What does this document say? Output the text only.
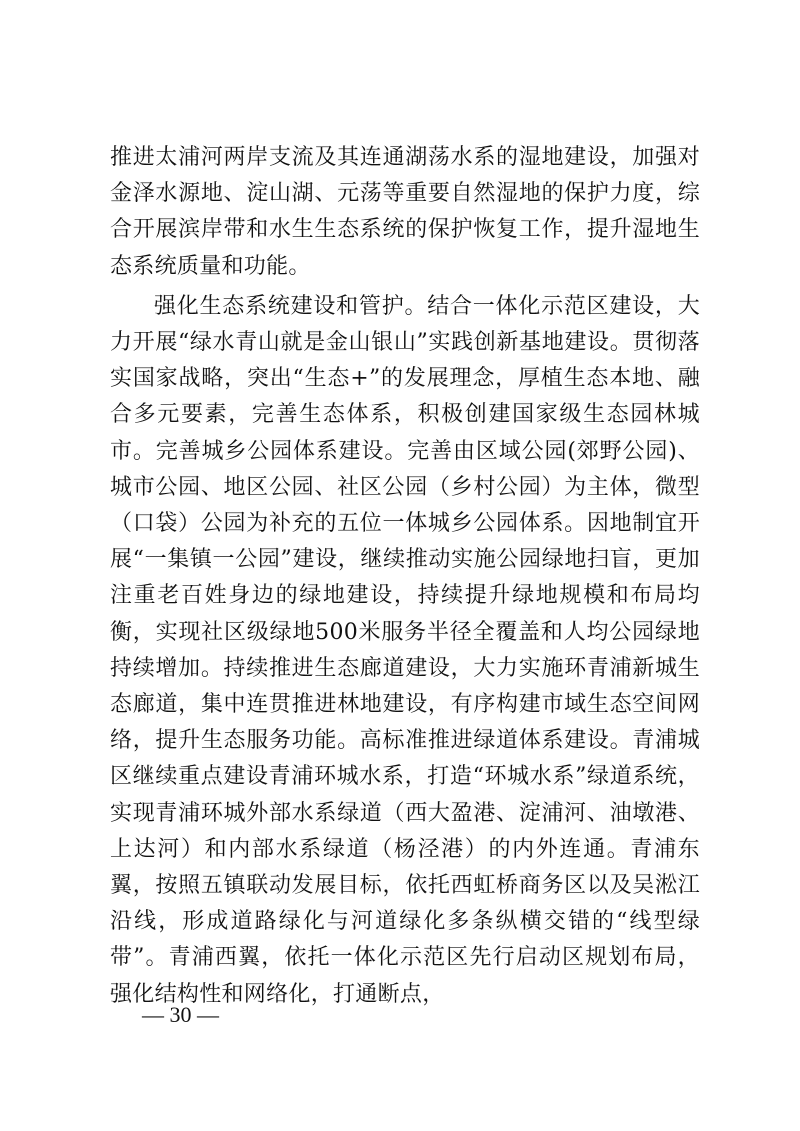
推进太浦河两岸支流及其连通湖荡水系的湿地建设，加强对金泽水源地、淀山湖、元荡等重要自然湿地的保护力度，综合开展滨岸带和水生生态系统的保护恢复工作，提升湿地生态系统质量和功能。

强化生态系统建设和管护。结合一体化示范区建设，大力开展“绿水青山就是金山银山”实践创新基地建设。贯彻落实国家战略，突出“生态+”的发展理念，厚植生态本地、融合多元要素，完善生态体系，积极创建国家级生态园林城市。完善城乡公园体系建设。完善由区域公园(郊野公园)、城市公园、地区公园、社区公园（乡村公园）为主体，微型（口袋）公园为补充的五位一体城乡公园体系。因地制宜开展“一集镇一公园”建设，继续推动实施公园绿地扫盲，更加注重老百姓身边的绿地建设，持续提升绿地规模和布局均衡，实现社区级绿地500米服务半径全覆盖和人均公园绿地持续增加。持续推进生态廊道建设，大力实施环青浦新城生态廊道，集中连贯推进林地建设，有序构建市域生态空间网络，提升生态服务功能。高标准推进绿道体系建设。青浦城区继续重点建设青浦环城水系，打造“环城水系”绿道系统，实现青浦环城外部水系绿道（西大盈港、淀浦河、油墩港、上达河）和内部水系绿道（杨泾港）的内外连通。青浦东翼，按照五镇联动发展目标，依托西虹桥商务区以及吴淞江沿线，形成道路绿化与河道绿化多条纵横交错的“线型绿带”。青浦西翼，依托一体化示范区先行启动区规划布局，强化结构性和网络化，打通断点，

— 30 —
